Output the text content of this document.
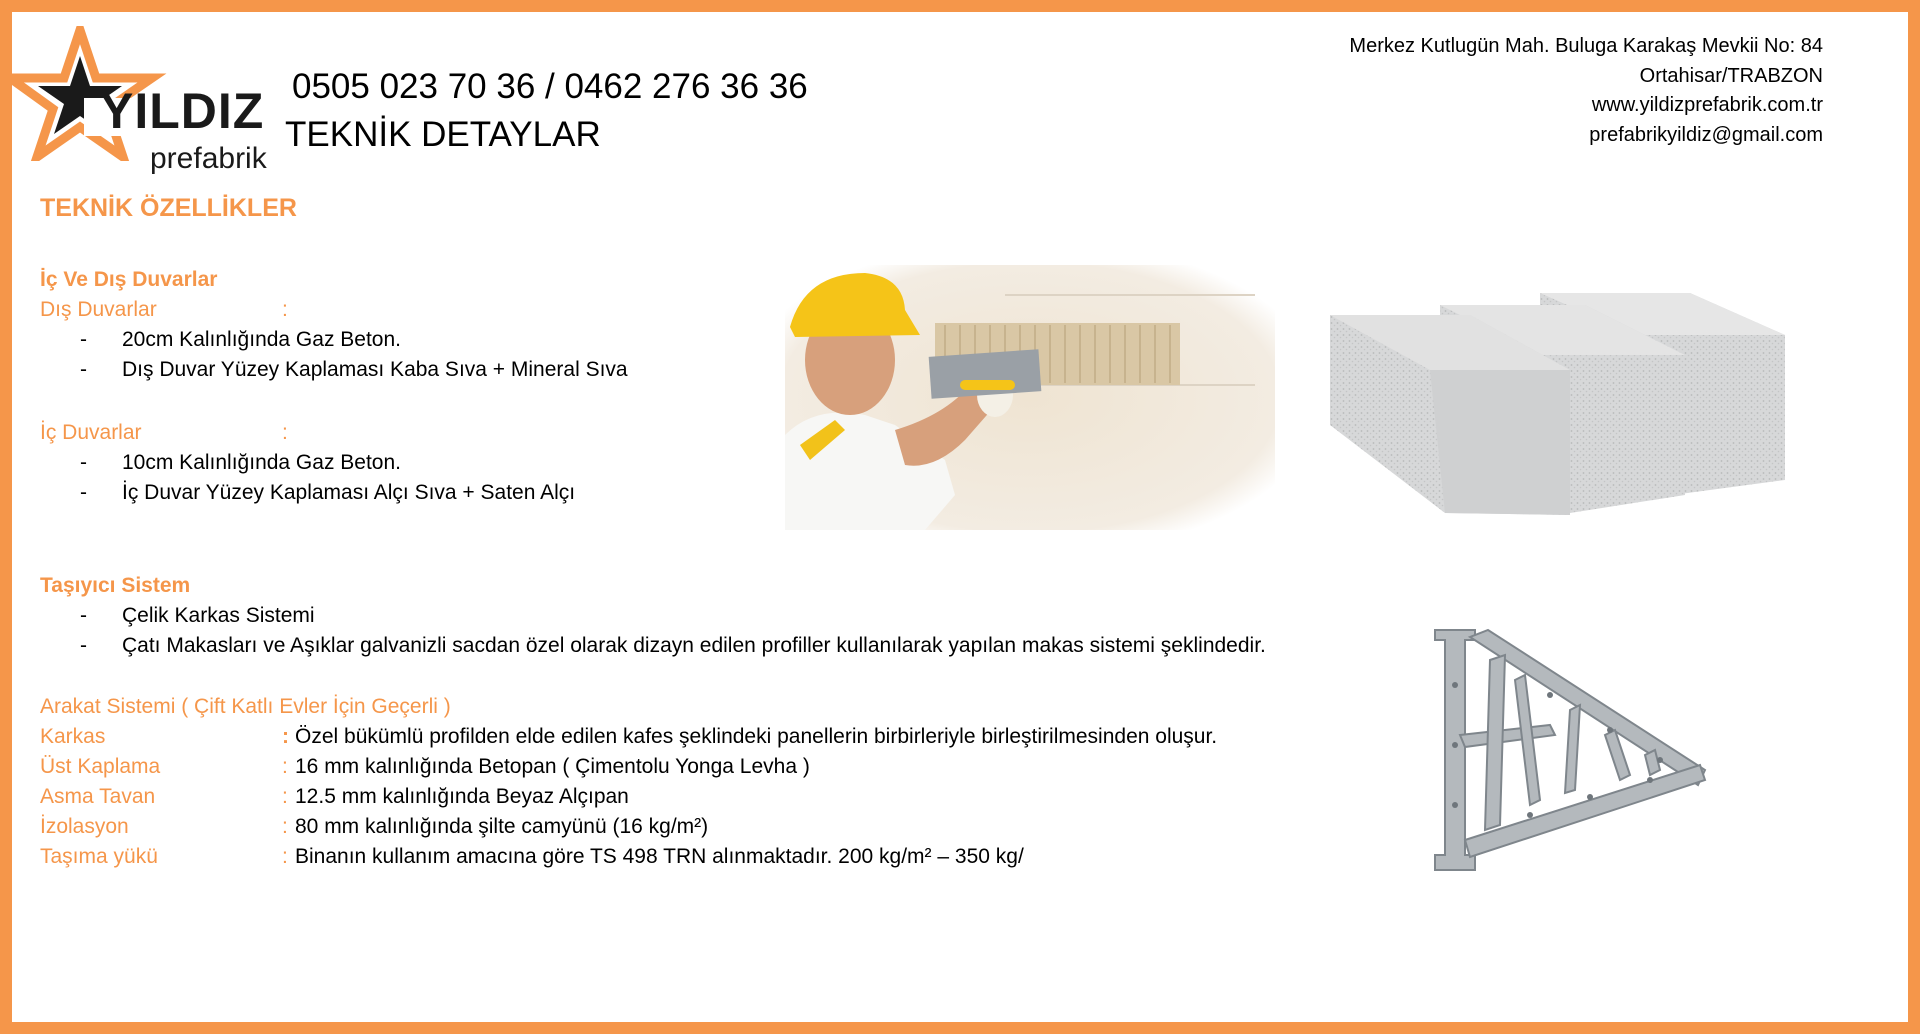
YILDIZ
prefabrik
0505 023 70 36 / 0462 276 36 36
TEKNİK DETAYLAR
Merkez Kutlugün Mah. Buluga Karakaş Mevkii No: 84
Ortahisar/TRABZON
www.yildizprefabrik.com.tr
prefabrikyildiz@gmail.com
TEKNİK ÖZELLİKLER
İç Ve Dış Duvarlar
Dış Duvarlar	:
- 20cm Kalınlığında Gaz Beton.
- Dış Duvar Yüzey Kaplaması Kaba Sıva + Mineral Sıva
İç Duvarlar	:
- 10cm Kalınlığında Gaz Beton.
- İç Duvar Yüzey Kaplaması Alçı Sıva + Saten Alçı
Taşıyıcı Sistem
- Çelik Karkas Sistemi
- Çatı Makasları ve Aşıklar galvanizli sacdan özel olarak dizayn edilen profiller kullanılarak yapılan makas sistemi şeklindedir.
Arakat Sistemi ( Çift Katlı Evler İçin Geçerli )
Karkas	: Özel bükümlü profilden elde edilen kafes şeklindeki panellerin birbirleriyle birleştirilmesinden oluşur.
Üst Kaplama	: 16 mm kalınlığında Betopan ( Çimentolu Yonga Levha )
Asma Tavan	: 12.5 mm kalınlığında Beyaz Alçıpan
İzolasyon	: 80 mm kalınlığında şilte camyünü (16 kg/m²)
Taşıma yükü	: Binanın kullanım amacına göre TS 498 TRN alınmaktadır. 200 kg/m² – 350 kg/
